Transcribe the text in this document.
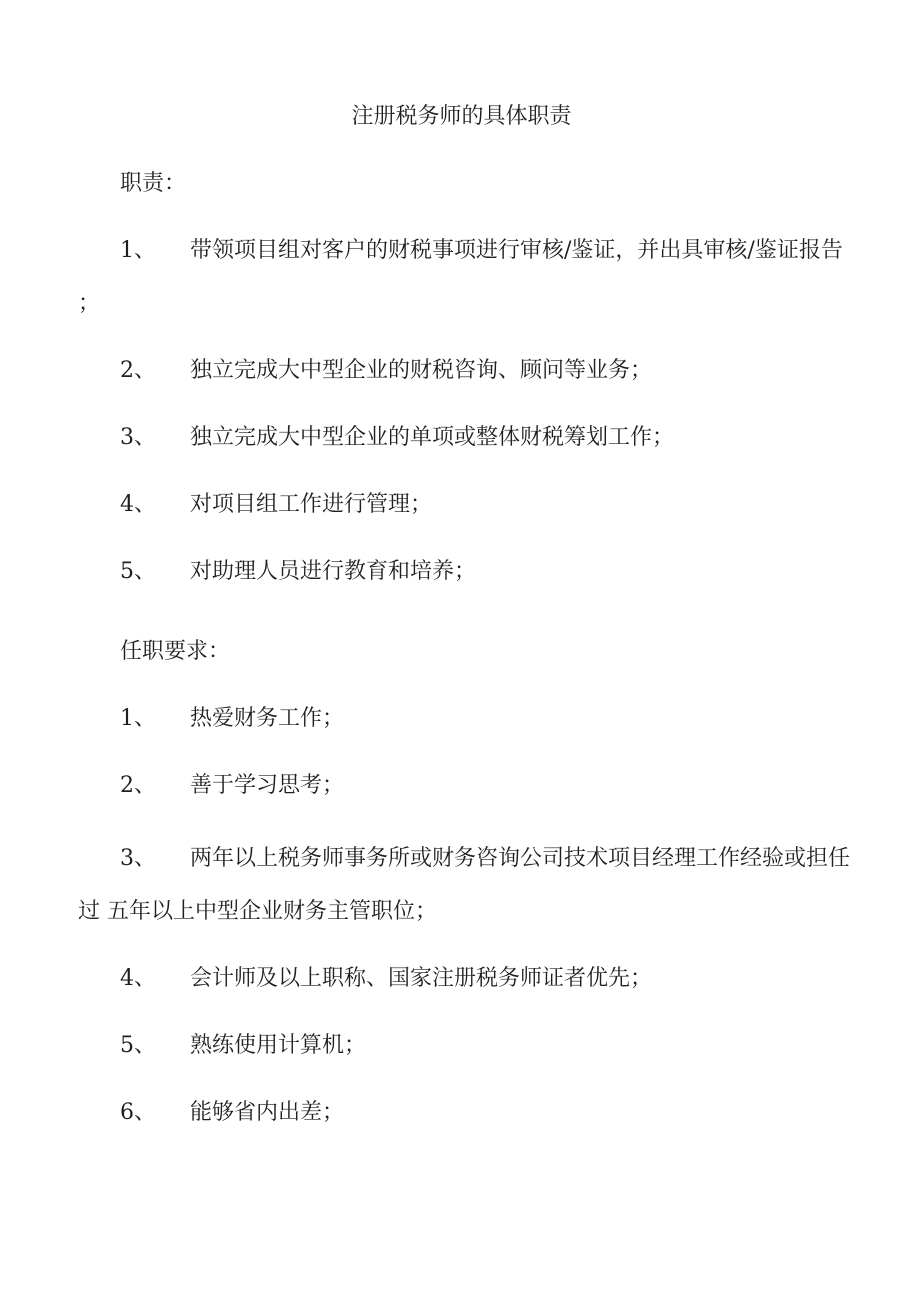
注册税务师的具体职责
职责：
1、 带领项目组对客户的财税事项进行审核/鉴证，并出具审核/鉴证报告
；
2、 独立完成大中型企业的财税咨询、顾问等业务；
3、 独立完成大中型企业的单项或整体财税筹划工作；
4、 对项目组工作进行管理；
5、 对助理人员进行教育和培养；
任职要求：
1、 热爱财务工作；
2、 善于学习思考；
3、 两年以上税务师事务所或财务咨询公司技术项目经理工作经验或担任
过 五年以上中型企业财务主管职位；
4、 会计师及以上职称、国家注册税务师证者优先；
5、 熟练使用计算机；
6、 能够省内出差；
